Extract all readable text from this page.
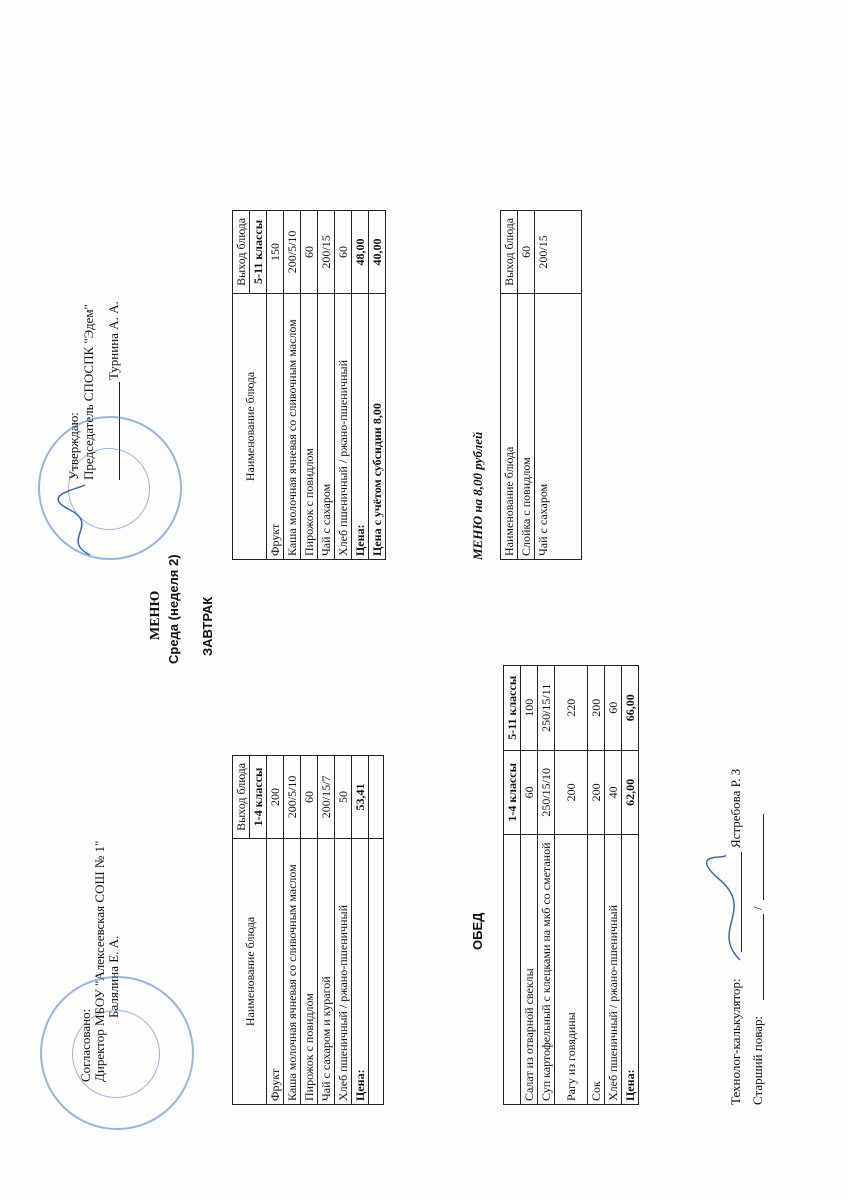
Согласовано: Директор МБОУ "Алексеевская СОШ № 1" Балялина Е. А.
Утверждаю: Председатель СПОСПК "Эдем" Турнина А. А.
МЕНЮ Среда (неделя 2) ЗАВТРАК
Наименование блюда	Выход блюда
	1-4 классы
Фрукт	200
Каша молочная ячневая со сливочным маслом	200/5/10
Пирожок с повидлом	60
Чай с сахаром и курагой	200/15/7
Хлеб пшеничный / ржано-пшеничный	50
Цена:	53,41

Наименование блюда	Выход блюда
	5-11 классы
Фрукт	150
Каша молочная ячневая со сливочным маслом	200/5/10
Пирожок с повидлом	60
Чай с сахаром	200/15
Хлеб пшеничный / ржано-пшеничный	60
Цена:	48,00
Цена с учётом субсидии 8,00	40,00
ОБЕД
	1-4 классы	5-11 классы
Салат из отварной свеклы	60	100
Суп картофельный с клецками на мкб со сметаной	250/15/10	250/15/11
Рагу из говядины	200	220
Сок	200	200
Хлеб пшеничный / ржано-пшеничный	40	60
Цена:	62,00	66,00
МЕНЮ на 8,00 рублей Наименование блюда	Выход блюда
Слойка с повидлом	60
Чай с сахаром	200/15
Технолог-калькулятор:
Ястребова Р. З
Старший повар:
/
